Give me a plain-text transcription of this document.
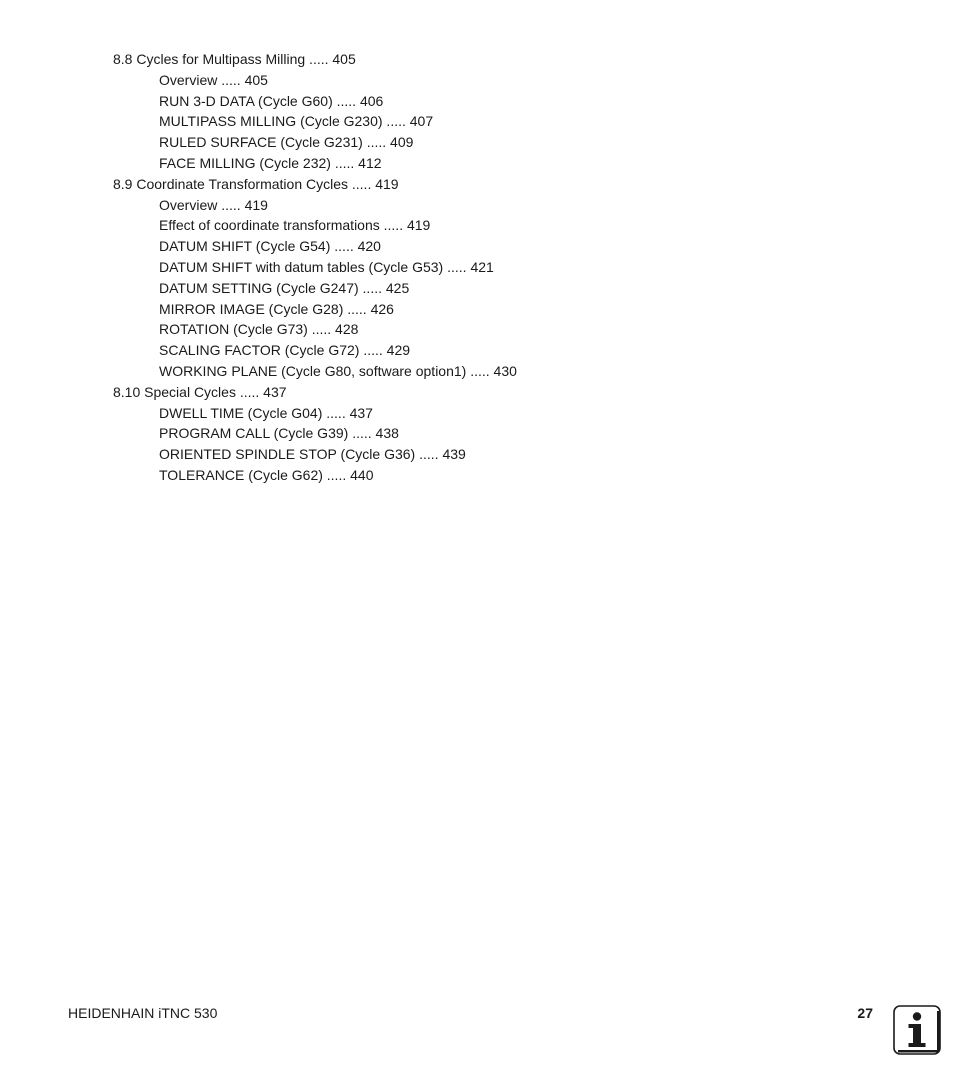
8.8 Cycles for Multipass Milling ..... 405
Overview ..... 405
RUN 3-D DATA (Cycle G60) ..... 406
MULTIPASS MILLING (Cycle G230) ..... 407
RULED SURFACE (Cycle G231) ..... 409
FACE MILLING (Cycle 232) ..... 412
8.9 Coordinate Transformation Cycles ..... 419
Overview ..... 419
Effect of coordinate transformations ..... 419
DATUM SHIFT (Cycle G54) ..... 420
DATUM SHIFT with datum tables (Cycle G53) ..... 421
DATUM SETTING (Cycle G247) ..... 425
MIRROR IMAGE (Cycle G28) ..... 426
ROTATION (Cycle G73) ..... 428
SCALING FACTOR (Cycle G72) ..... 429
WORKING PLANE (Cycle G80, software option1) ..... 430
8.10 Special Cycles ..... 437
DWELL TIME (Cycle G04) ..... 437
PROGRAM CALL (Cycle G39) ..... 438
ORIENTED SPINDLE STOP (Cycle G36) ..... 439
TOLERANCE (Cycle G62) ..... 440
HEIDENHAIN iTNC 530	27
